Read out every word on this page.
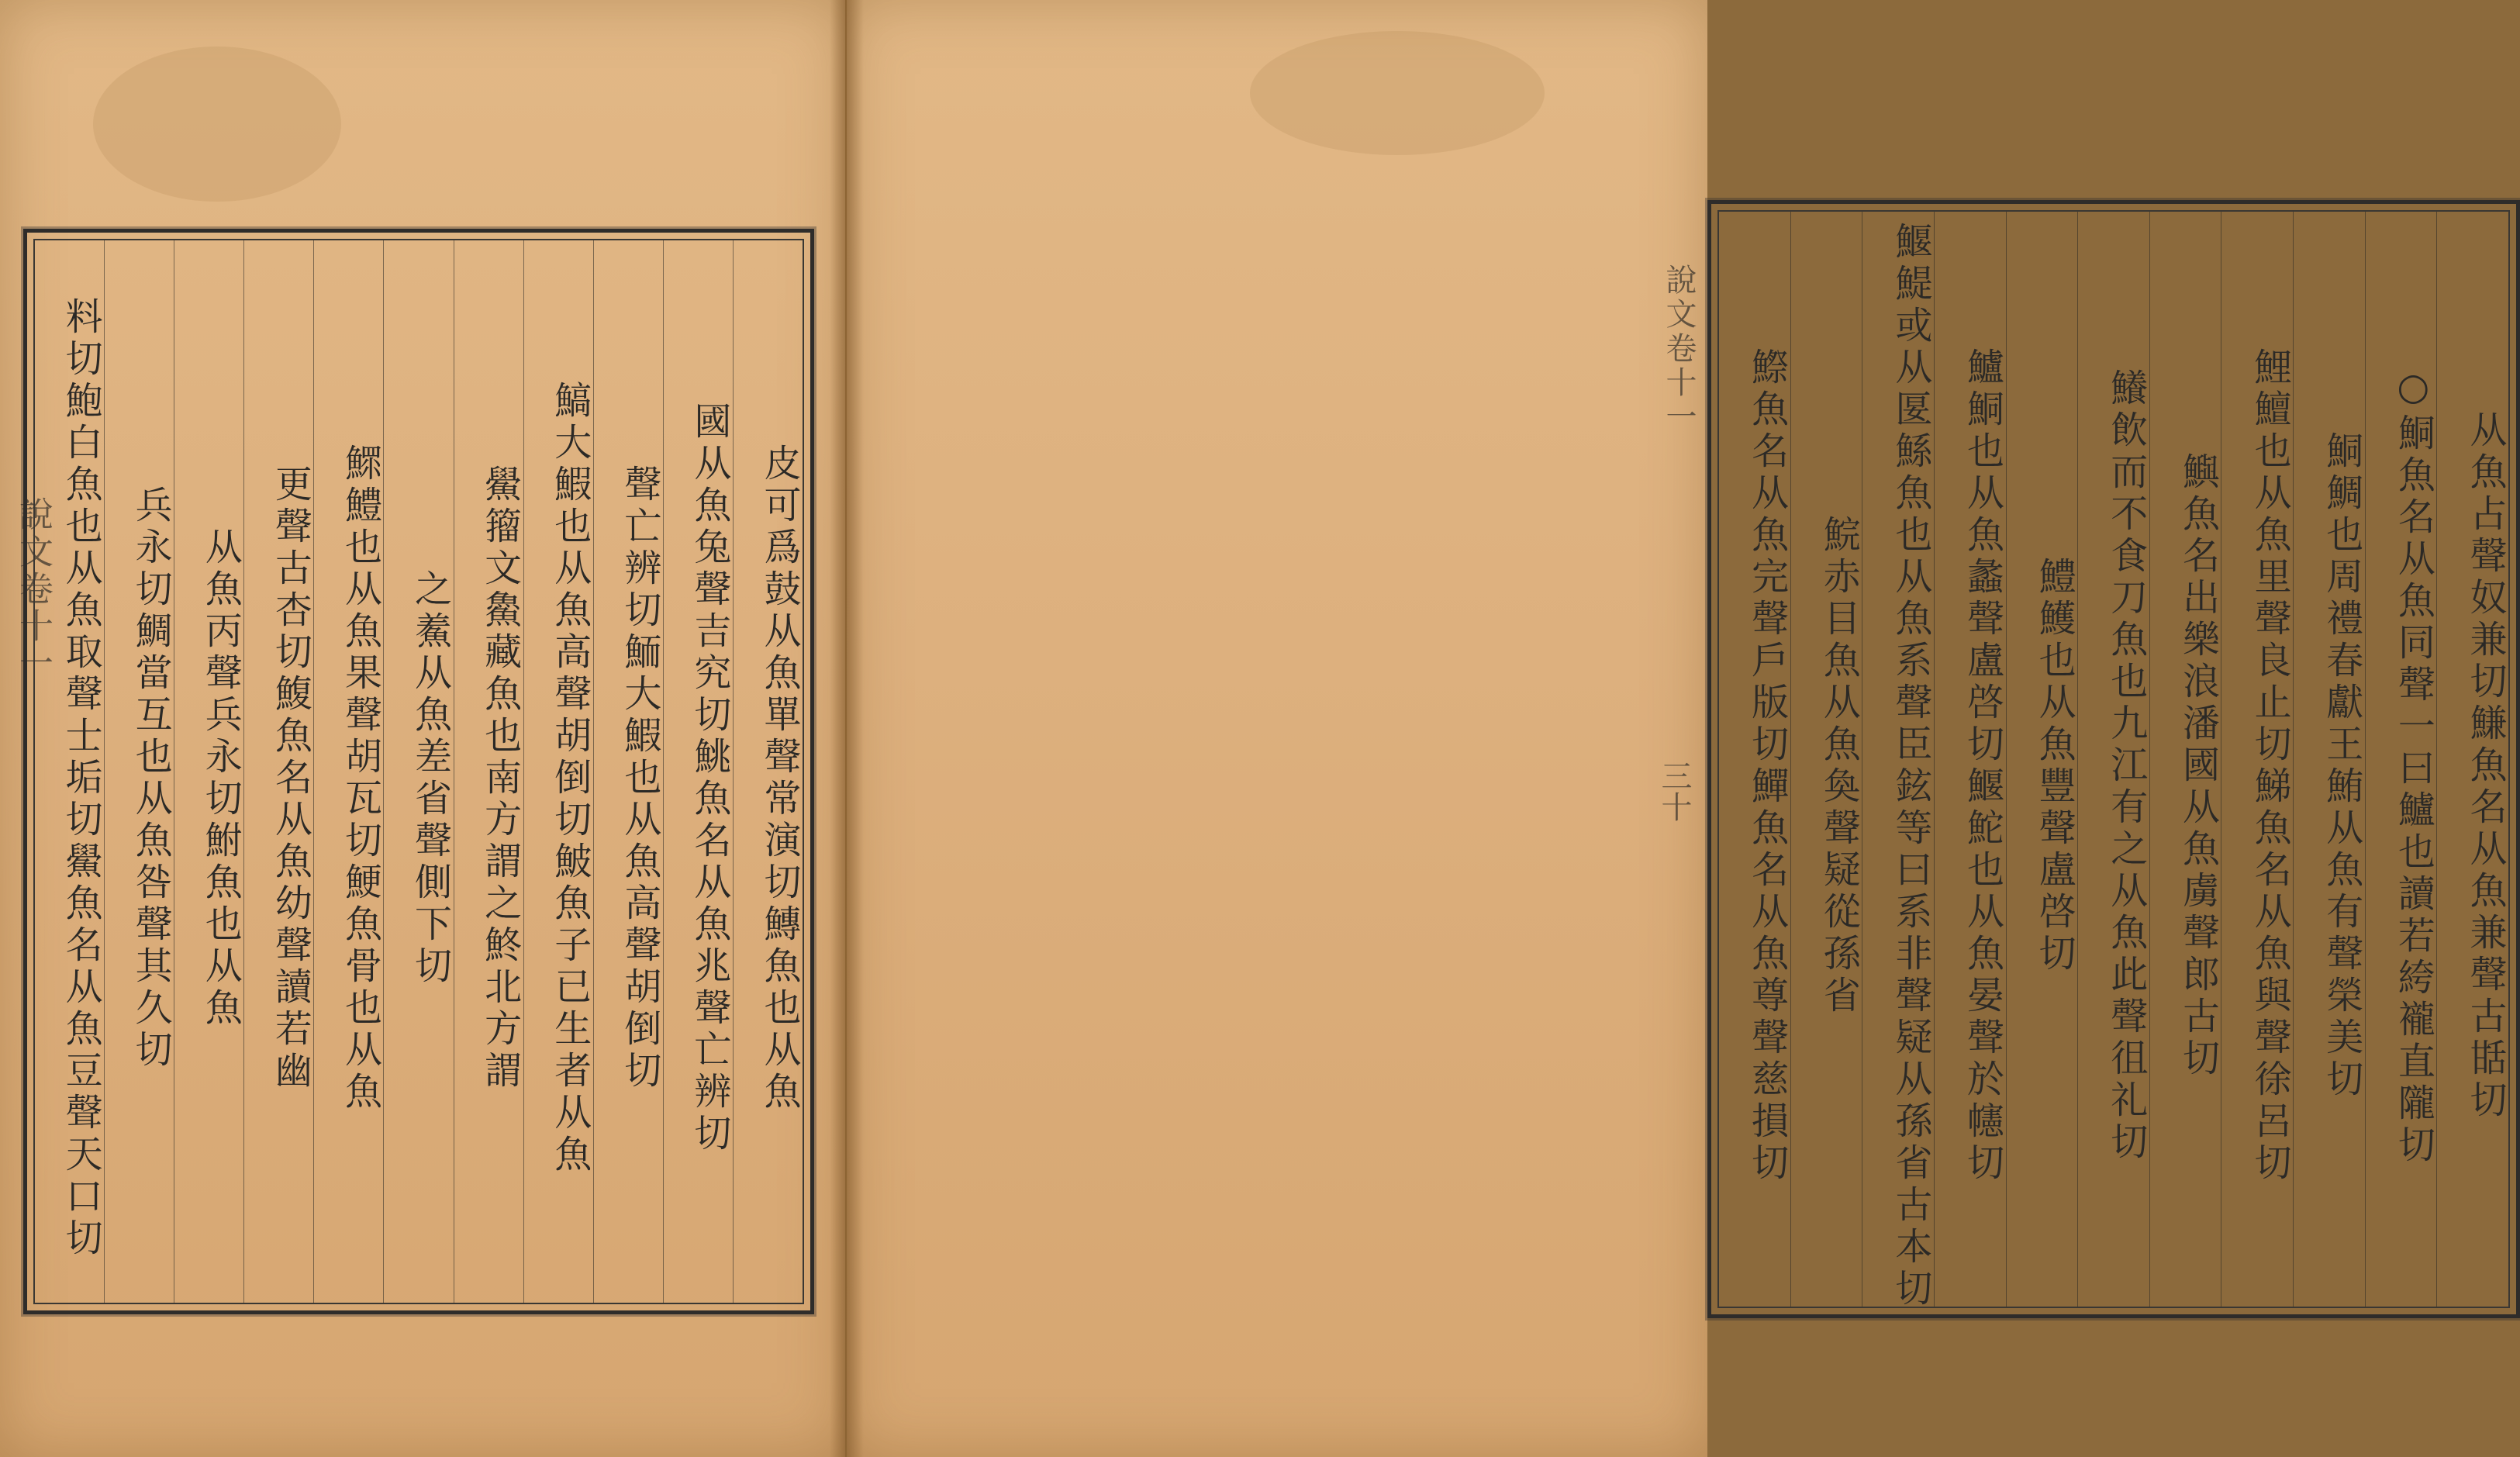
說文卷十一	皮可爲鼓从魚單聲常演切鱄魚也从魚
國从魚兔聲吉究切鮡魚名从魚兆聲亡辨切
聲亡辨切鮞大鰕也从魚高聲胡倒切
鰝大鰕也从魚高聲胡倒切鮍魚子已生者从魚
鱟籀文𩺰藏魚也南方謂之鮗北方謂
之鮺从魚差省聲側下切
鰥鱧也从魚果聲胡瓦切鯁魚骨也从魚
更聲古杏切鰒魚名从魚幼聲讀若幽
从魚丙聲兵永切鮒魚也从魚
兵永切鯛當互也从魚咎聲其久切
料切鮑白魚也从魚取聲士垢切鱟魚名从魚豆聲天口切	說文卷十一
三十	从魚占聲奴兼切鰜魚名从魚兼聲古甛切
○鮦魚名从魚同聲一曰鱸也讀若絝襱直隴切
鮦鯛也周禮春獻王鮪从魚有聲榮美切
鯉鱣也从魚里聲良止切鮷魚名从魚與聲徐呂切
鱮魚名出樂浪潘國从魚虜聲郎古切
鱶飲而不食刀魚也九江有之从魚此聲徂礼切
鱧鱯也从魚豐聲盧啓切
鱸鮦也从魚蠡聲盧啓切鰋鮀也从魚晏聲於幰切
鰋鯷或从匽鯀魚也从魚系聲臣鉉等曰系非聲疑从孫省古本切
鯇赤目魚从魚奐聲疑從孫省
鰶魚名从魚完聲戶版切鱓魚名从魚尊聲慈損切
